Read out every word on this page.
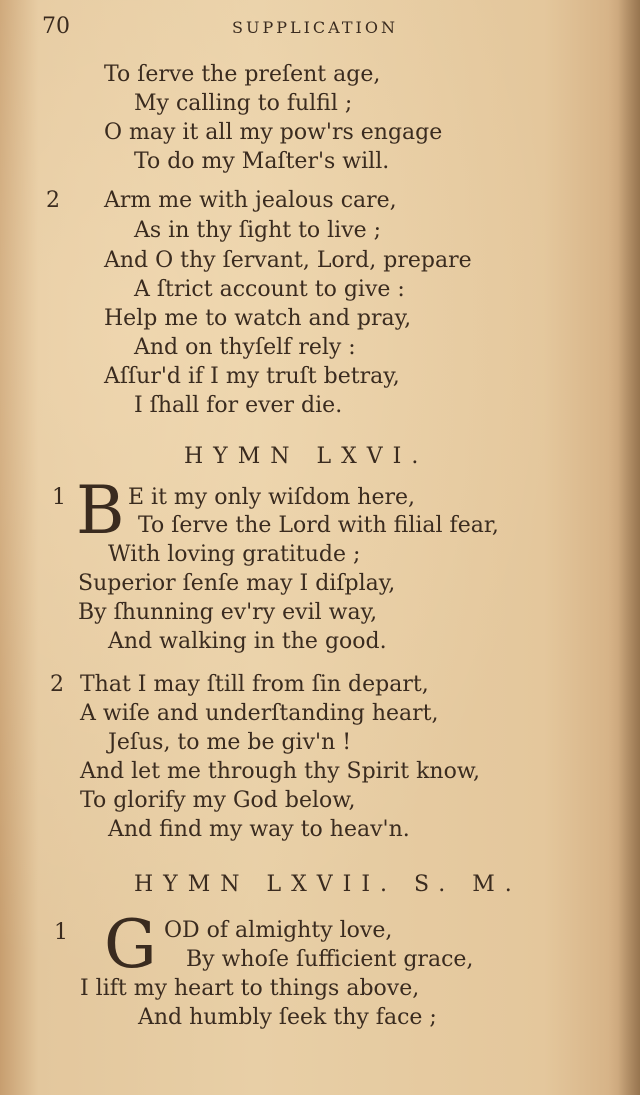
70	SUPPLICATION
To ſerve the preſent age,
My calling to fulfil ;
O may it all my pow'rs engage
To do my Maſter's will.
2 Arm me with jealous care,
As in thy ſight to live ;
And O thy ſervant, Lord, prepare
A ſtrict account to give :
Help me to watch and pray,
And on thyſelf rely :
Aſſur'd if I my truſt betray,
I ſhall for ever die.
HYMN LXVI.
1 B E it my only wiſdom here,
To ſerve the Lord with filial fear,
With loving gratitude ;
Superior ſenſe may I diſplay,
By ſhunning ev'ry evil way,
And walking in the good.
2 That I may ſtill from ſin depart,
A wiſe and underſtanding heart,
Jeſus, to me be giv'n !
And let me through thy Spirit know,
To glorify my God below,
And find my way to heav'n.
HYMN LXVII. S. M.
1 G OD of almighty love,
By whoſe ſufficient grace,
I lift my heart to things above,
And humbly ſeek thy face ;
